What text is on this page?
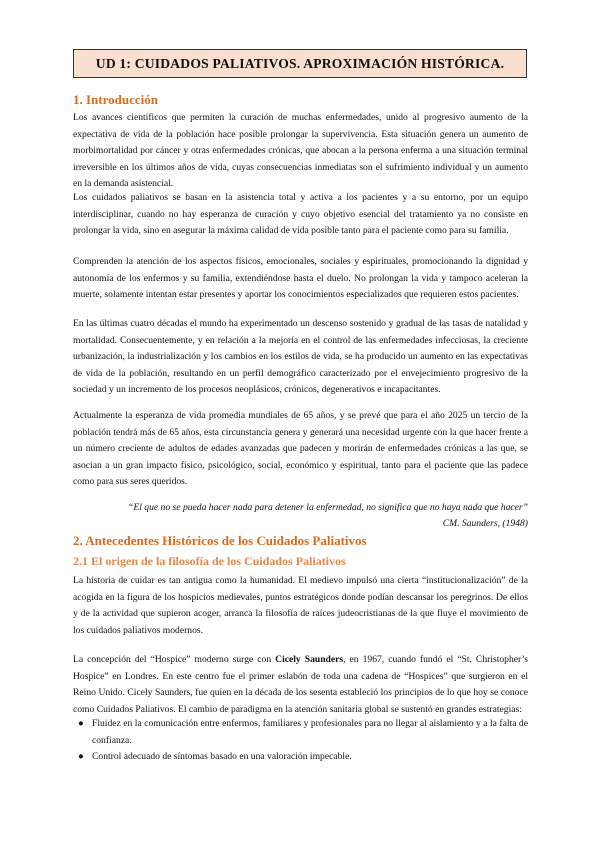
UD 1: CUIDADOS PALIATIVOS. APROXIMACIÓN HISTÓRICA.
1. Introducción

Los avances científicos que permiten la curación de muchas enfermedades, unido al progresivo aumento de la expectativa de vida de la población hace posible prolongar la supervivencia. Esta situación genera un aumento de morbimortalidad por cáncer y otras enfermedades crónicas, que abocan a la persona enferma a una situación terminal irreversible en los últimos años de vida, cuyas consecuencias inmediatas son el sufrimiento individual y un aumento en la demanda asistencial.

Los cuidados paliativos se basan en la asistencia total y activa a los pacientes y a su entorno, por un equipo interdisciplinar, cuando no hay esperanza de curación y cuyo objetivo esencial del tratamiento ya no consiste en prolongar la vida, sino en asegurar la máxima calidad de vida posible tanto para el paciente como para su familia.

Comprenden la atención de los aspectos físicos, emocionales, sociales y espirituales, promocionando la dignidad y autonomía de los enfermos y su familia, extendiéndose hasta el duelo. No prolongan la vida y tampoco aceleran la muerte, solamente intentan estar presentes y aportar los conocimientos especializados que requieren estos pacientes.

En las últimas cuatro décadas el mundo ha experimentado un descenso sostenido y gradual de las tasas de natalidad y mortalidad. Consecuentemente, y en relación a la mejoría en el control de las enfermedades infecciosas, la creciente urbanización, la industrialización y los cambios en los estilos de vida, se ha producido un aumento en las expectativas de vida de la población, resultando en un perfil demográfico caracterizado por el envejecimiento progresivo de la sociedad y un incremento de los procesos neoplásicos, crónicos, degenerativos e incapacitantes.

Actualmente la esperanza de vida promedia mundiales de 65 años, y se prevé que para el año 2025 un tercio de la población tendrá más de 65 años, esta circunstancia genera y generará una necesidad urgente con la que hacer frente a un número creciente de adultos de edades avanzadas que padecen y morirán de enfermedades crónicas a las que, se asocian a un gran impacto físico, psicológico, social, económico y espiritual, tanto para el paciente que las padece como para sus seres queridos.

“El que no se pueda hacer nada para detener la enfermedad, no significa que no haya nada que hacer”
CM. Saunders, (1948)
2. Antecedentes Históricos de los Cuidados Paliativos
2.1 El origen de la filosofía de los Cuidados Paliativos

La historia de cuidar es tan antigua como la humanidad. El medievo impulsó una cierta “institucionalización” de la acogida en la figura de los hospicios medievales, puntos estratégicos donde podían descansar los peregrinos. De ellos y de la actividad que supieron acoger, arranca la filosofía de raíces judeocristianas de la que fluye el movimiento de los cuidados paliativos modernos.

La concepción del “Hospice” moderno surge con Cicely Saunders, en 1967, cuando fundó el “St. Christopher’s Hospice” en Londres. En este centro fue el primer eslabón de toda una cadena de “Hospices” que surgieron en el Reino Unido. Cicely Saunders, fue quien en la década de los sesenta estableció los principios de lo que hoy se conoce como Cuidados Paliativos. El cambio de paradigma en la atención sanitaria global se sustentó en grandes estrategias:

● Fluidez en la comunicación entre enfermos, familiares y profesionales para no llegar al aislamiento y a la falta de confianza.
● Control adecuado de síntomas basado en una valoración impecable.
